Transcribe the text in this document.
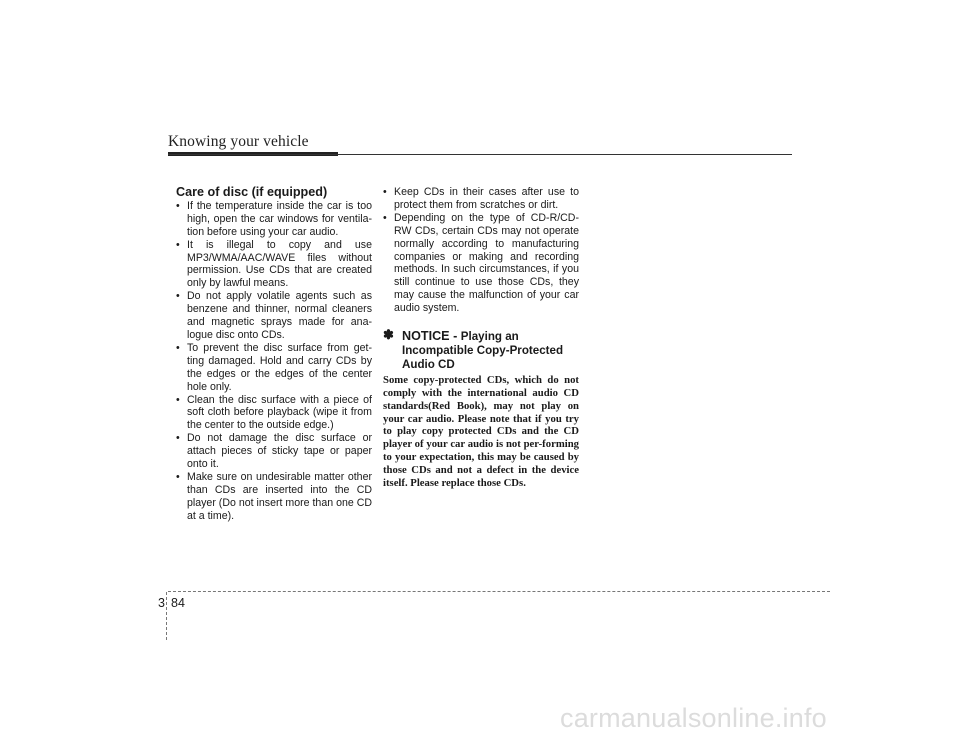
Knowing your vehicle
Care of disc (if equipped)
• If the temperature inside the car is too high, open the car windows for ventila-tion before using your car audio.
• It is illegal to copy and use MP3/WMA/AAC/WAVE files without permission. Use CDs that are created only by lawful means.
• Do not apply volatile agents such as benzene and thinner, normal cleaners and magnetic sprays made for ana-logue disc onto CDs.
• To prevent the disc surface from get-ting damaged. Hold and carry CDs by the edges or the edges of the center hole only.
• Clean the disc surface with a piece of soft cloth before playback (wipe it from the center to the outside edge.)
• Do not damage the disc surface or attach pieces of sticky tape or paper onto it.
• Make sure on undesirable matter other than CDs are inserted into the CD player (Do not insert more than one CD at a time).
• Keep CDs in their cases after use to protect them from scratches or dirt.
• Depending on the type of CD-R/CD-RW CDs, certain CDs may not operate normally according to manufacturing companies or making and recording methods. In such circumstances, if you still continue to use those CDs, they may cause the malfunction of your car audio system.
✽ NOTICE - Playing an Incompatible Copy-Protected Audio CD
Some copy-protected CDs, which do not comply with the international audio CD standards(Red Book), may not play on your car audio. Please note that if you try to play copy protected CDs and the CD player of your car audio is not per-forming to your expectation, this may be caused by those CDs and not a defect in the device itself. Please replace those CDs.
3 84
carmanualsonline.info
